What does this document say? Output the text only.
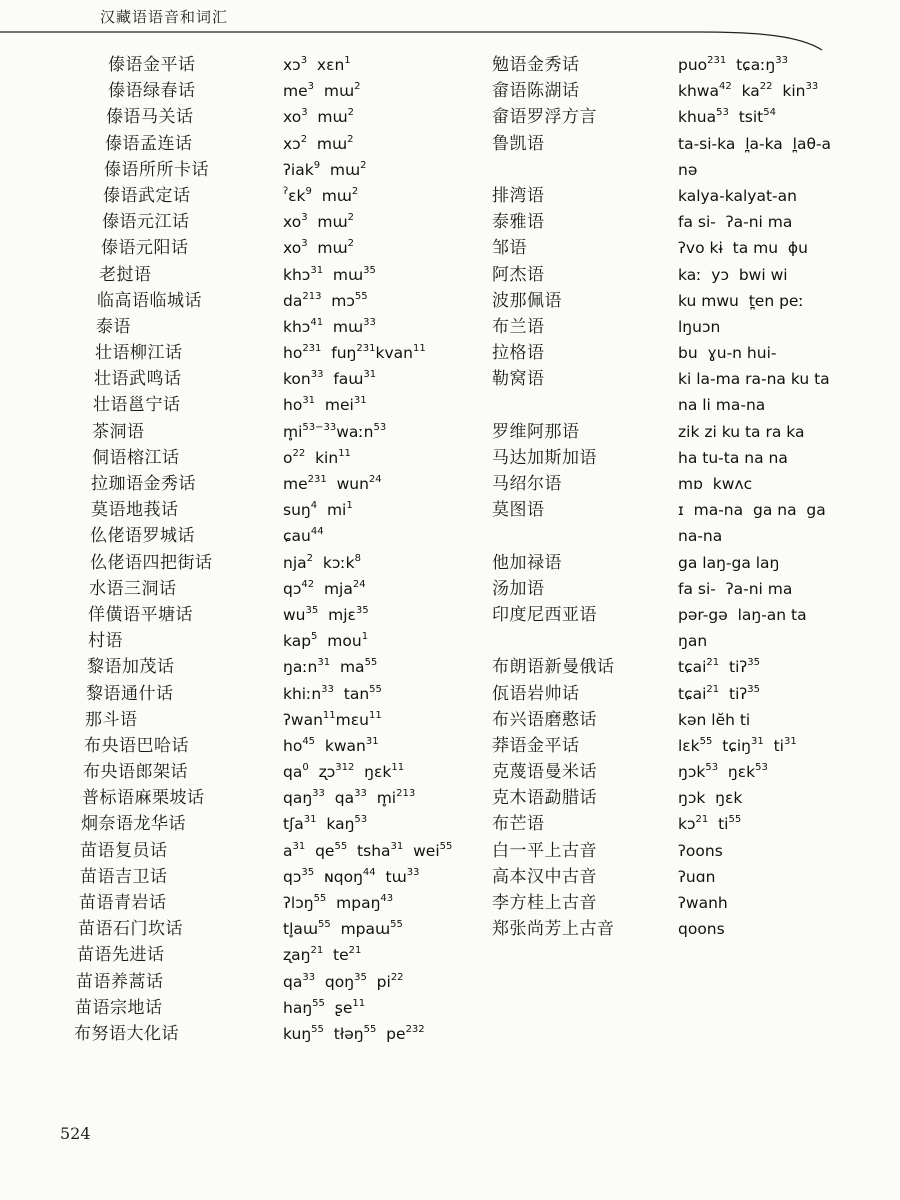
汉藏语语音和词汇
傣语金平话
傣语绿春话
傣语马关话
傣语孟连话
傣语所所卡话
傣语武定话
傣语元江话
傣语元阳话
老挝语
临高语临城话
泰语
壮语柳江话
壮语武鸣话
壮语邕宁话
茶洞语
侗语榕江话
拉珈语金秀话
莫语地莪话
仫佬语罗城话
仫佬语四把街话
水语三洞话
佯僙语平塘话
村语
黎语加茂话
黎语通什话
那斗语
布央语巴哈话
布央语郎架话
普标语麻栗坡话
炯奈语龙华话
苗语复员话
苗语吉卫话
苗语青岩话
苗语石门坎话
苗语先进话
苗语养蒿话
苗语宗地话
布努语大化话
xɔ$^3$  xɛn$^1$
$me^3$  mɯ$^2$
$xo^3$  mɯ$^2$
xɔ$^2$  mɯ$^2$
ʔiak$^9$  mɯ$^2$
$^ʔ$ɛk$^9$  mɯ$^2$
$xo^3$  mɯ$^2$
$xo^3$  mɯ$^2$
khɔ$^{31}$  mɯ$^{35}$
$da^{213}$  mɔ$^{55}$
khɔ$^{41}$  mɯ$^{33}$
$ho^{231}$  fuŋ$^{231}$kvan$^{11}$
kon$^{33}$  faɯ$^{31}$
$ho^{31}$  mei$^{31}$
$m̥i^{53-33}waːn^{53}$
$o^{22}$  kin$^{11}$
$me^{231}$  wun$^{24}$
suŋ$^4$  $mi^1$
ɕau$^{44}$
nja$^2$  kɔːk$^8$
qɔ$^{42}$  mja$^{24}$
$wu^{35}$  mjɛ$^{35}$
kap$^5$  mou$^1$
ŋaːn$^{31}$  $ma^{55}$
khiːn$^{33}$  $\tan^{55}$
ʔwan$^{11}$mɛu$^{11}$
$ho^{45}$  kwan$^{31}$
$qa^0$  ʐɔ$^{312}$  ŋɛk$^{11}$
qaŋ$^{33}$  $qa^{33}$  $m̥i^{213}$
tʃa$^{31}$  kaŋ$^{53}$
$a^{31}$  $qe^{55}$  tsha$^{31}$  wei$^{55}$
qɔ$^{35}$  ɴqoŋ$^{44}$  tɯ$^{33}$
ʔlɔŋ$^{55}$  mpaŋ$^{43}$
tl̥aɯ$^{55}$  mpaɯ$^{55}$
ʐaŋ$^{21}$  $te^{21}$
$qa^{33}$  qoŋ$^{35}$  $pi^{22}$
haŋ$^{55}$  ʂe$^{11}$
kuŋ$^{55}$  tłəŋ$^{55}$  $pe^{232}$
勉语金秀话
畲语陈湖话
畲语罗浮方言
鲁凯语
排湾语
泰雅语
邹语
阿杰语
波那佩语
布兰语
拉格语
勒窝语
罗维阿那语
马达加斯加语
马绍尔语
莫图语
他加禄语
汤加语
印度尼西亚语
布朗语新曼俄话
佤语岩帅话
布兴语磨憨话
莽语金平话
克蔑语曼米话
克木语勐腊话
布芒语
白一平上古音
高本汉中古音
李方桂上古音
郑张尚芳上古音
puo$^{231}$  tɕaːŋ$^{33}$
khwa$^{42}$  $ka^{22}$  kin$^{33}$
khua$^{53}$  tsit$^{54}$
ta-si-ka  l̪a-ka  l̪aθ-a
nə
kalya-kalyat-an
fa si-  ʔa-ni ma
ʔvo kɨ  ta mu  ɸu
kaː  yɔ  bwi wi
ku mwu  t̪en peː
lŋuɔn
bu  ɣu-n hui-
ki la-ma ra-na ku ta
na li ma-na
zik zi ku ta ra ka
ha tu-ta na na
mɒ  kwʌc
ɪ  ma-na  ga na  ga
na-na
ga laŋ-ga laŋ
fa si-  ʔa-ni ma
pər-gə  laŋ-an ta
ŋan
tɕai$^{21}$  tiʔ$^{35}$
tɕai$^{21}$  tiʔ$^{35}$
kən lĕh ti
lɛk$^{55}$  tɕiŋ$^{31}$  $ti^{31}$
ŋɔk$^{53}$  ŋɛk$^{53}$
ŋɔk  ŋɛk
kɔ$^{21}$  $ti^{55}$
ʔoons
ʔuɑn
ʔwanh
qoons
524
